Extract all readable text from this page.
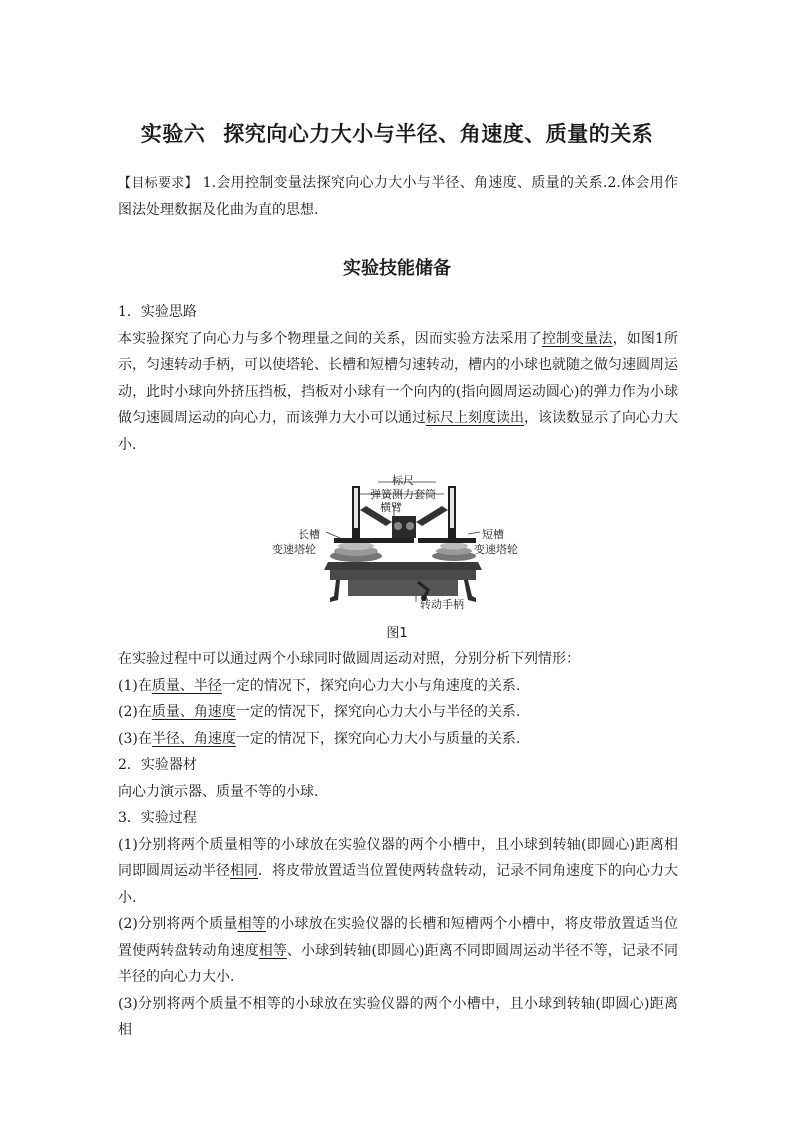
实验六 探究向心力大小与半径、角速度、质量的关系
【目标要求】 1.会用控制变量法探究向心力大小与半径、角速度、质量的关系.2.体会用作图法处理数据及化曲为直的思想.
实验技能储备
1．实验思路
本实验探究了向心力与多个物理量之间的关系，因而实验方法采用了控制变量法，如图1所示，匀速转动手柄，可以使塔轮、长槽和短槽匀速转动，槽内的小球也就随之做匀速圆周运动，此时小球向外挤压挡板，挡板对小球有一个向内的(指向圆周运动圆心)的弹力作为小球做匀速圆周运动的向心力，而该弹力大小可以通过标尺上刻度读出，该读数显示了向心力大小.
标尺
弹簧测力套筒
横臂
长槽
变速塔轮
短槽
变速塔轮
转动手柄
图1
在实验过程中可以通过两个小球同时做圆周运动对照，分别分析下列情形：
(1)在质量、半径一定的情况下，探究向心力大小与角速度的关系.
(2)在质量、角速度一定的情况下，探究向心力大小与半径的关系.
(3)在半径、角速度一定的情况下，探究向心力大小与质量的关系.
2．实验器材
向心力演示器、质量不等的小球.
3．实验过程
(1)分别将两个质量相等的小球放在实验仪器的两个小槽中，且小球到转轴(即圆心)距离相同即圆周运动半径相同．将皮带放置适当位置使两转盘转动，记录不同角速度下的向心力大小.
(2)分别将两个质量相等的小球放在实验仪器的长槽和短槽两个小槽中，将皮带放置适当位置使两转盘转动角速度相等、小球到转轴(即圆心)距离不同即圆周运动半径不等，记录不同半径的向心力大小.
(3)分别将两个质量不相等的小球放在实验仪器的两个小槽中，且小球到转轴(即圆心)距离相
